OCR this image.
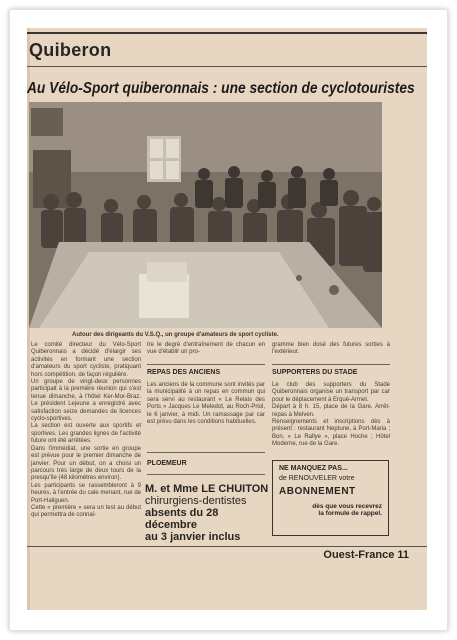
Quiberon
Au Vélo-Sport quiberonnais : une section de cyclotouristes
Autour des dirigeants du V.S.Q., un groupe d'amateurs de sport cycliste.

Le comité directeur du Vélo-Sport Quiberonnais a décidé d'élargir ses activités en formant une section d'amateurs du sport cycliste, pratiquant hors compétition, de façon régulière.

Un groupe de vingt-deux personnes participait à la première réunion qui s'est tenue dimanche, à l'hôtel Ker-Mor-Braz. Le président Lejeune a enregistré avec satisfaction seize demandes de licences cyclo-sportives.

La section est ouverte aux sportifs et sportives. Les grandes lignes de l'activité future ont été arrêtées.

Dans l'immédiat, une sortie en groupe est prévue pour le premier dimanche de janvier. Pour un début, on a choisi un parcours très large de deux tours de la presqu'île (48 kilomètres environ).

Les participants se rassembleront à 9 heures, à l'entrée du cale menant, rue de Port-Haliguen.

Cette « première » sera un test au début qui permettra de connaî-

tre le degré d'entraînement de chacun en vue d'établir un pro-

REPAS DES ANCIENS

Les anciens de la commune sont invités par la municipalité à un repas en commun qui sera servi au restaurant « Le Relais des Ports » Jacques Le Meledot, au Roch-Priol, le 6 janvier, à midi. Un ramassage par car est prévu dans les conditions habituelles.

PLOEMEUR
M. et Mme LE CHUITON
chirurgiens-dentistes
absents du 28 décembre
au 3 janvier inclus

gramme bien dosé des futures sorties à l'extérieur.

SUPPORTERS DU STADE

Le club des supporters du Stade Quiberonnais organise un transport par car pour le déplacement à Erqué-Armel.

Départ à 8 h. 15, place de la Gare. Arrêt-repas à Melven.

Renseignements et inscriptions dès à présent : restaurant Neptune, à Port-Maria ; Bon, « Le Rallye », place Hoche ; Hôtel Moderne, rue de la Gare.

NE MANQUEZ PAS...
de RENOUVELER votre
ABONNEMENT
dès que vous recevrez
la formule de rappel.
Ouest-France 11
